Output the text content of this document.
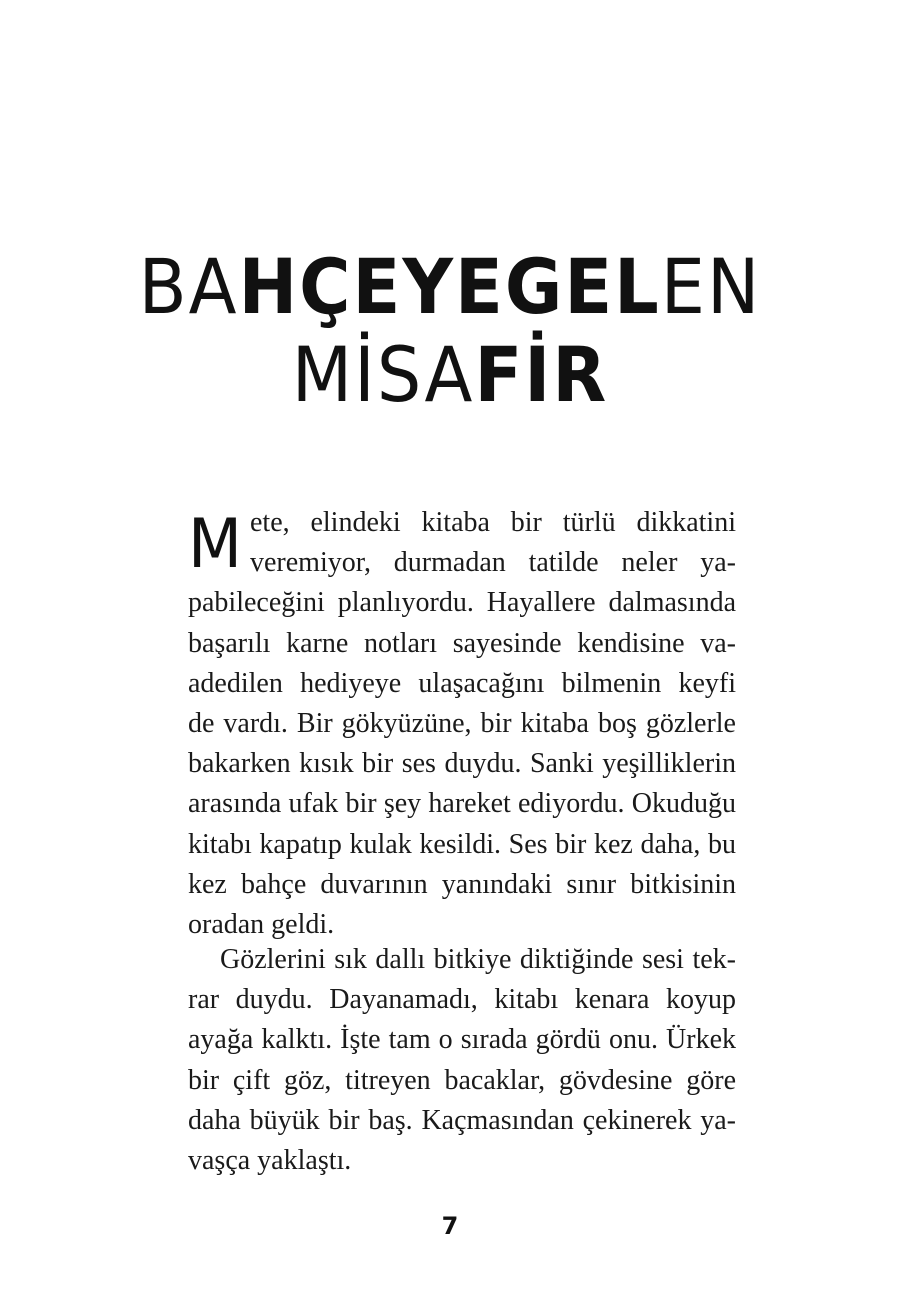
BAHÇEYEGELEN
MİSAFİR
M ete, elindeki kitaba bir türlü dikkatini
veremiyor, durmadan tatilde neler ya-
pabileceğini planlıyordu. Hayallere dalmasında
başarılı karne notları sayesinde kendisine va-
adedilen hediyeye ulaşacağını bilmenin keyfi
de vardı. Bir gökyüzüne, bir kitaba boş gözlerle
bakarken kısık bir ses duydu. Sanki yeşilliklerin
arasında ufak bir şey hareket ediyordu. Okuduğu
kitabı kapatıp kulak kesildi. Ses bir kez daha, bu
kez bahçe duvarının yanındaki sınır bitkisinin
oradan geldi.
Gözlerini sık dallı bitkiye diktiğinde sesi tek-
rar duydu. Dayanamadı, kitabı kenara koyup
ayağa kalktı. İşte tam o sırada gördü onu. Ürkek
bir çift göz, titreyen bacaklar, gövdesine göre
daha büyük bir baş. Kaçmasından çekinerek ya-
vaşça yaklaştı.
7
